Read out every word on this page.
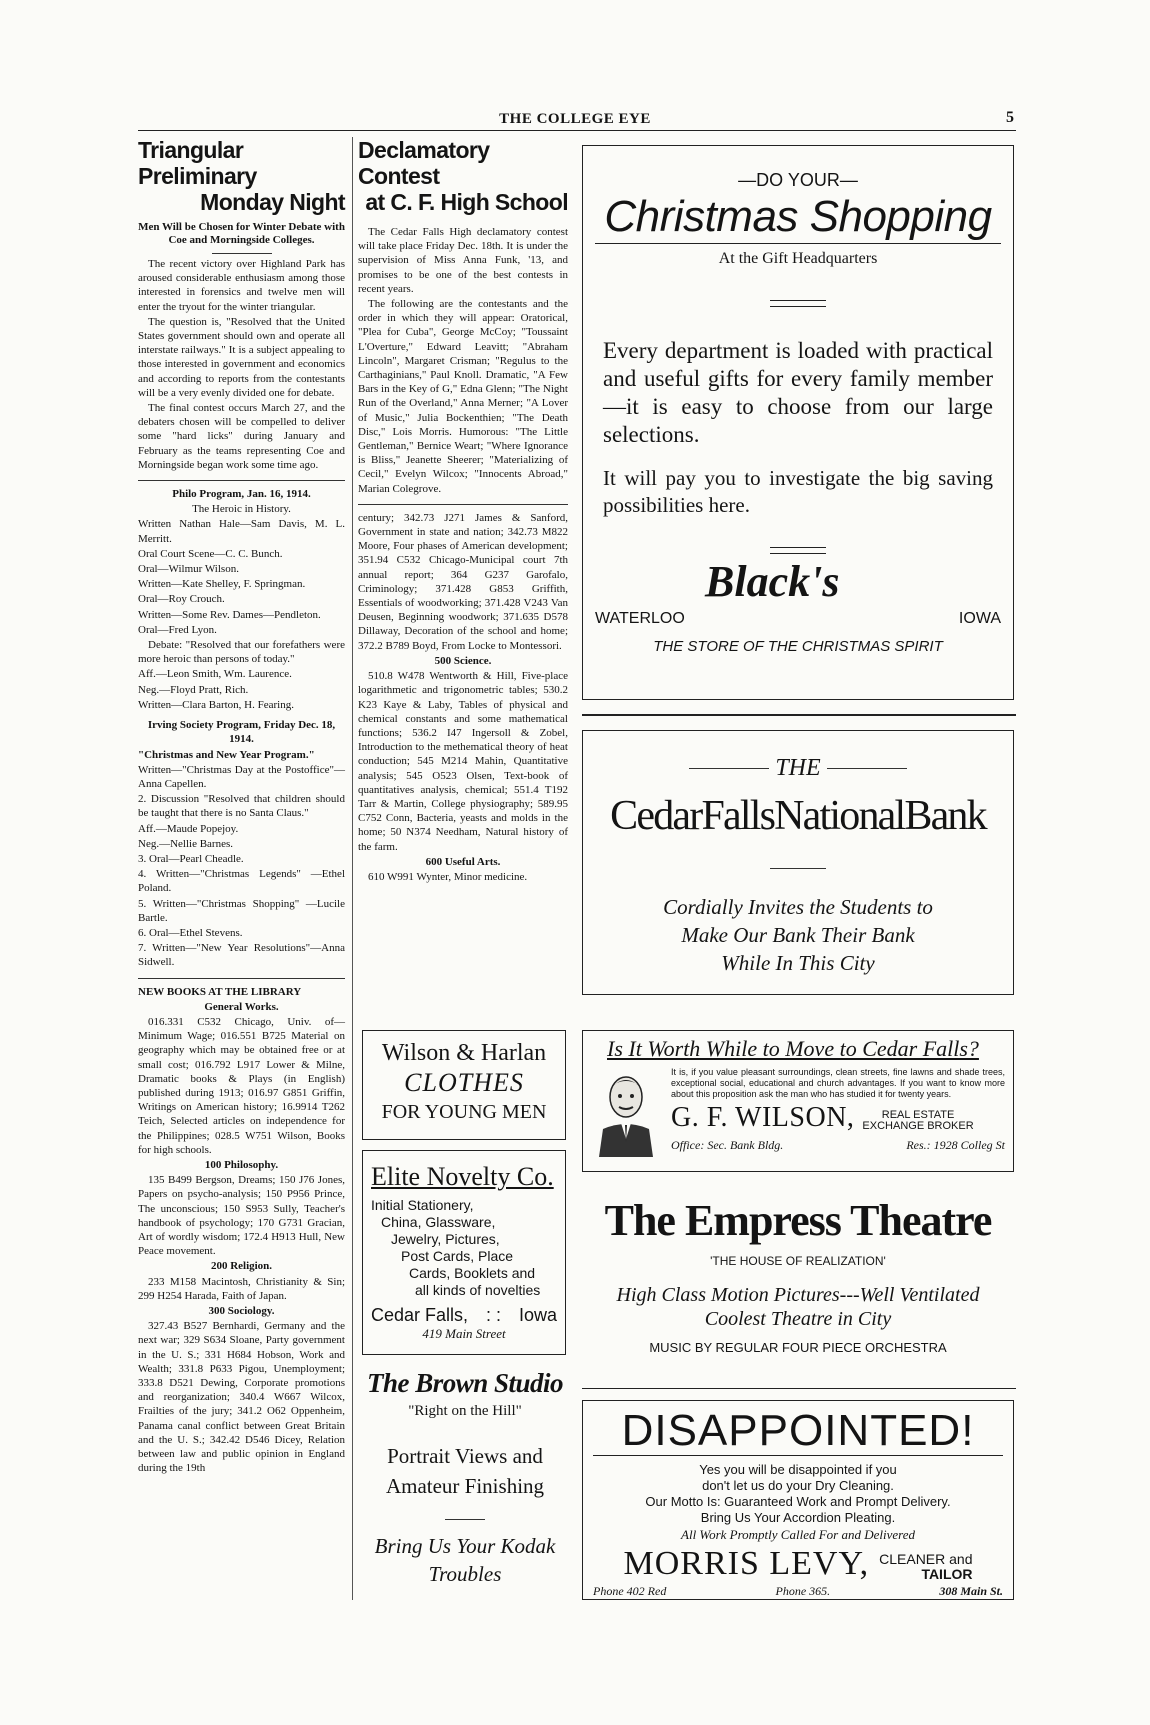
THE COLLEGE EYE	5
Triangular Preliminary
Monday Night
Men Will be Chosen for Winter Debate with Coe and Morningside Colleges.

The recent victory over Highland Park has aroused considerable enthusiasm among those interested in forensics and twelve men will enter the tryout for the winter triangular.

The question is, "Resolved that the United States government should own and operate all interstate railways." It is a subject appealing to those interested in government and economics and according to reports from the contestants will be a very evenly divided one for debate.

The final contest occurs March 27, and the debaters chosen will be compelled to deliver some "hard licks" during January and February as the teams representing Coe and Morningside began work some time ago.

Philo Program, Jan. 16, 1914.

The Heroic in History.

Written Nathan Hale—Sam Davis, M. L. Merritt.

Oral Court Scene—C. C. Bunch.

Oral—Wilmur Wilson.

Written—Kate Shelley, F. Springman.

Oral—Roy Crouch.

Written—Some Rev. Dames—Pendleton.

Oral—Fred Lyon.

Debate: "Resolved that our forefathers were more heroic than persons of today."

Aff.—Leon Smith, Wm. Laurence.

Neg.—Floyd Pratt, Rich.

Written—Clara Barton, H. Fearing.

Irving Society Program, Friday Dec. 18, 1914.

"Christmas and New Year Program."

Written—"Christmas Day at the Postoffice"—Anna Capellen.

2. Discussion "Resolved that children should be taught that there is no Santa Claus."

Aff.—Maude Popejoy.

Neg.—Nellie Barnes.

3. Oral—Pearl Cheadle.

4. Written—"Christmas Legends" —Ethel Poland.

5. Written—"Christmas Shopping" —Lucile Bartle.

6. Oral—Ethel Stevens.

7. Written—"New Year Resolutions"—Anna Sidwell.

NEW BOOKS AT THE LIBRARY

General Works.

016.331 C532 Chicago, Univ. of—Minimum Wage; 016.551 B725 Material on geography which may be obtained free or at small cost; 016.792 L917 Lower & Milne, Dramatic books & Plays (in English) published during 1913; 016.97 G851 Griffin, Writings on American history; 16.9914 T262 Teich, Selected articles on independence for the Philippines; 028.5 W751 Wilson, Books for high schools.

100 Philosophy.

135 B499 Bergson, Dreams; 150 J76 Jones, Papers on psycho-analysis; 150 P956 Prince, The unconscious; 150 S953 Sully, Teacher's handbook of psychology; 170 G731 Gracian, Art of wordly wisdom; 172.4 H913 Hull, New Peace movement.

200 Religion.

233 M158 Macintosh, Christianity & Sin; 299 H254 Harada, Faith of Japan.

300 Sociology.

327.43 B527 Bernhardi, Germany and the next war; 329 S634 Sloane, Party government in the U. S.; 331 H684 Hobson, Work and Wealth; 331.8 P633 Pigou, Unemployment; 333.8 D521 Dewing, Corporate promotions and reorganization; 340.4 W667 Wilcox, Frailties of the jury; 341.2 O62 Oppenheim, Panama canal conflict between Great Britain and the U. S.; 342.42 D546 Dicey, Relation between law and public opinion in England during the 19th

Declamatory Contest
at C. F. High School

The Cedar Falls High declamatory contest will take place Friday Dec. 18th. It is under the supervision of Miss Anna Funk, '13, and promises to be one of the best contests in recent years.

The following are the contestants and the order in which they will appear: Oratorical, "Plea for Cuba", George McCoy; "Toussaint L'Overture," Edward Leavitt; "Abraham Lincoln", Margaret Crisman; "Regulus to the Carthaginians," Paul Knoll. Dramatic, "A Few Bars in the Key of G," Edna Glenn; "The Night Run of the Overland," Anna Merner; "A Lover of Music," Julia Bockenthien; "The Death Disc," Lois Morris. Humorous: "The Little Gentleman," Bernice Weart; "Where Ignorance is Bliss," Jeanette Sheerer; "Materializing of Cecil," Evelyn Wilcox; "Innocents Abroad," Marian Colegrove.

century; 342.73 J271 James & Sanford, Government in state and nation; 342.73 M822 Moore, Four phases of American development; 351.94 C532 Chicago-Municipal court 7th annual report; 364 G237 Garofalo, Criminology; 371.428 G853 Griffith, Essentials of woodworking; 371.428 V243 Van Deusen, Beginning woodwork; 371.635 D578 Dillaway, Decoration of the school and home; 372.2 B789 Boyd, From Locke to Montessori.

500 Science.

510.8 W478 Wentworth & Hill, Five-place logarithmetic and trigonometric tables; 530.2 K23 Kaye & Laby, Tables of physical and chemical constants and some mathematical functions; 536.2 I47 Ingersoll & Zobel, Introduction to the methematical theory of heat conduction; 545 M214 Mahin, Quantitative analysis; 545 O523 Olsen, Text-book of quantitatives analysis, chemical; 551.4 T192 Tarr & Martin, College physiography; 589.95 C752 Conn, Bacteria, yeasts and molds in the home; 50 N374 Needham, Natural history of the farm.

600 Useful Arts.

610 W991 Wynter, Minor medicine.

Wilson & Harlan
CLOTHES
FOR YOUNG MEN
Elite Novelty Co.
Initial Stationery,
China, Glassware,
Jewelry, Pictures,
Post Cards, Place
Cards, Booklets and
all kinds of novelties
Cedar Falls, : : Iowa
419 Main Street
The Brown Studio
"Right on the Hill"
Portrait Views and
Amateur Finishing
Bring Us Your Kodak
Troubles
—DO YOUR—
Christmas Shopping
At the Gift Headquarters
Every department is loaded with practical and useful gifts for every family member—it is easy to choose from our large selections.
It will pay you to investigate the big saving possibilities here.
Black's
WATERLOO	IOWA
THE STORE OF THE CHRISTMAS SPIRIT
THE
CedarFallsNationalBank
Cordially Invites the Students to
Make Our Bank Their Bank
While In This City
Is It Worth While to Move to Cedar Falls?
It is, if you value pleasant surroundings, clean streets, fine lawns and shade trees, exceptional social, educational and church advantages. If you want to know more about this proposition ask the man who has studied it for twenty years.
G. F. WILSON,	REAL ESTATE
EXCHANGE BROKER
Office: Sec. Bank Bldg.	Res.: 1928 Colleg St
The Empress Theatre
'THE HOUSE OF REALIZATION'
High Class Motion Pictures---Well Ventilated
Coolest Theatre in City
MUSIC BY REGULAR FOUR PIECE ORCHESTRA
DISAPPOINTED!
Yes you will be disappointed if you
don't let us do your Dry Cleaning.
Our Motto Is: Guaranteed Work and Prompt Delivery.
Bring Us Your Accordion Pleating.
All Work Promptly Called For and Delivered
MORRIS LEVY, CLEANER and
TAILOR
Phone 402 Red	Phone 365.	308 Main St.
